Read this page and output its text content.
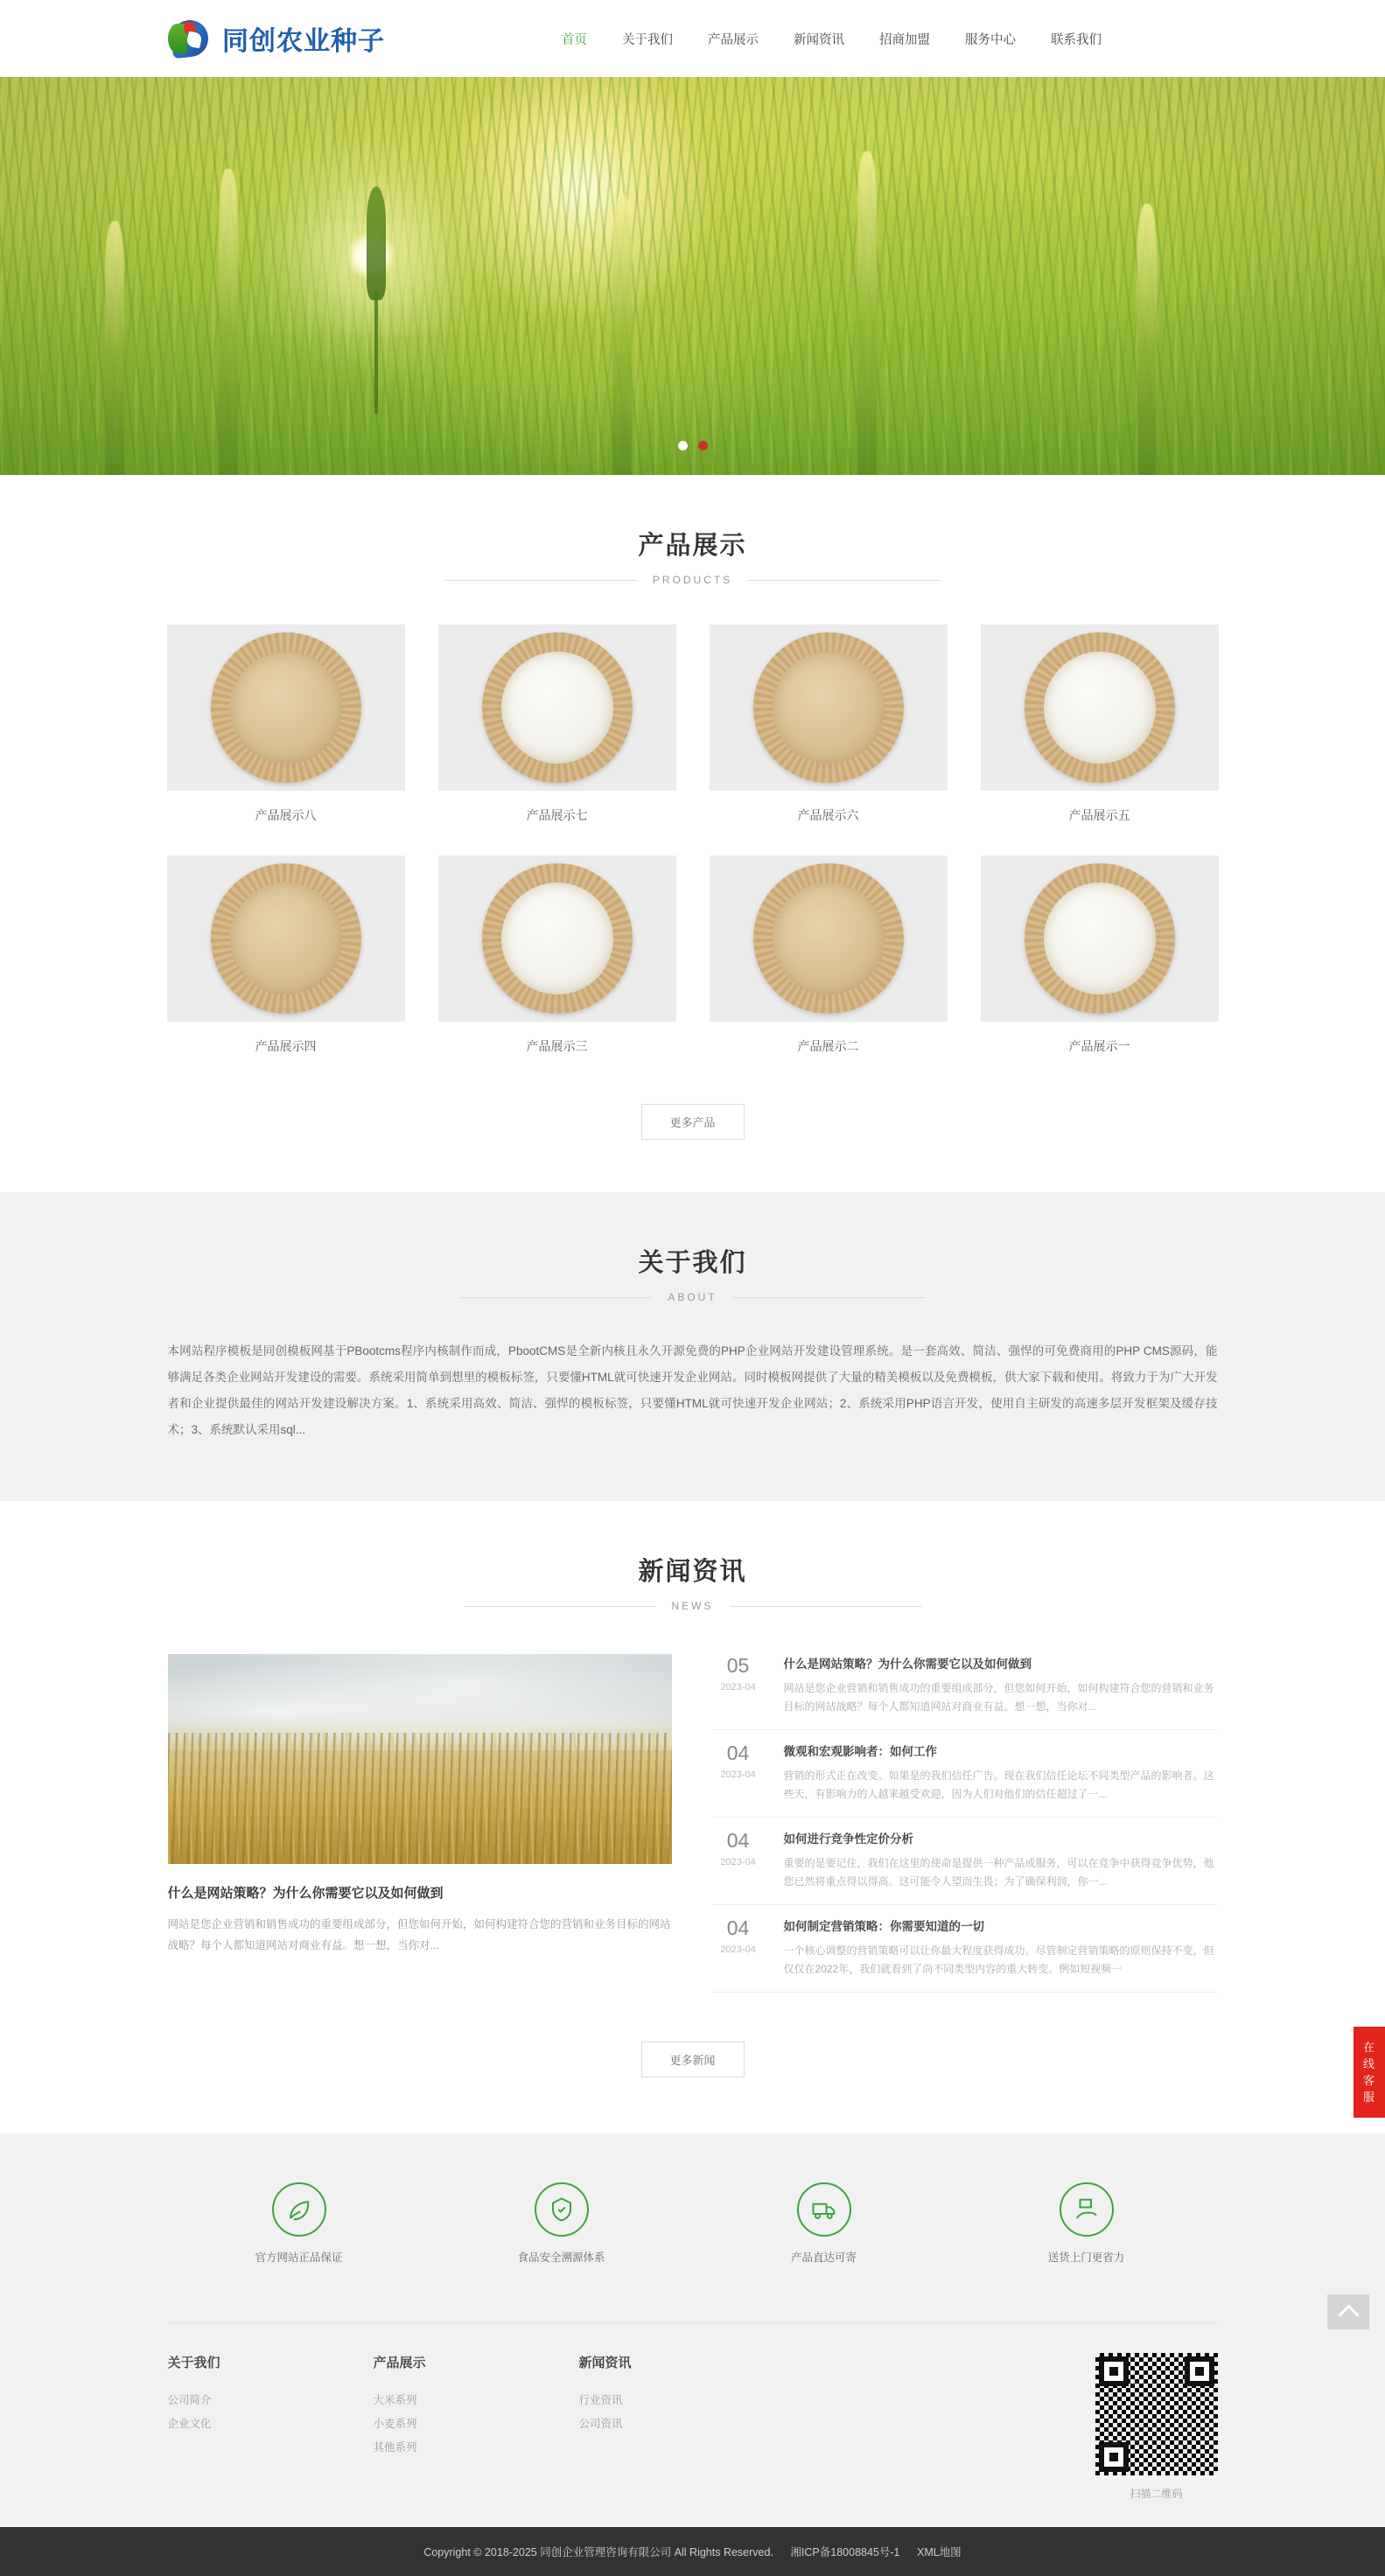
同创农业种子	首页	关于我们	产品展示	新闻资讯	招商加盟	服务中心	联系我们
产品展示
PRODUCTS
产品展示八	产品展示七	产品展示六	产品展示五
产品展示四	产品展示三	产品展示二	产品展示一
更多产品
关于我们
ABOUT
本网站程序模板是同创模板网基于PBootcms程序内核制作而成，PbootCMS是全新内核且永久开源免费的PHP企业网站开发建设管理系统。是一套高效、简洁、强悍的可免费商用的PHP CMS源码，能够满足各类企业网站开发建设的需要。系统采用简单到想里的模板标签，只要懂HTML就可快速开发企业网站。同时模板网提供了大量的精美模板以及免费模板，供大家下载和使用。将致力于为广大开发者和企业提供最佳的网站开发建设解决方案。1、系统采用高效、简洁、强悍的模板标签，只要懂HTML就可快速开发企业网站；2、系统采用PHP语言开发，使用自主研发的高速多层开发框架及缓存技术；3、系统默认采用sql...
新闻资讯
NEWS
什么是网站策略？为什么你需要它以及如何做到

网站是您企业营销和销售成功的重要组成部分，但您如何开始，如何构建符合您的营销和业务目标的网站战略？每个人都知道网站对商业有益。想一想，当你对...

05
2023-04
什么是网站策略？为什么你需要它以及如何做到

网站是您企业营销和销售成功的重要组成部分，但您如何开始，如何构建符合您的营销和业务目标的网站战略？每个人都知道网站对商业有益。想一想，当你对...

04
2023-04
微观和宏观影响者：如何工作

营销的形式正在改变。如果是的我们信任广告。现在我们信任论坛不同类型产品的影响者。这些天，有影响力的人越来越受欢迎，因为人们对他们的信任超过了一...

04
2023-04
如何进行竞争性定价分析

重要的是要记住，我们在这里的使命是提供一种产品或服务，可以在竞争中获得竞争优势，他您已然将重点得以得高。这可能令人望而生畏；为了确保利润，你一...

04
2023-04
如何制定营销策略：你需要知道的一切

一个核心调整的营销策略可以让你最大程度获得成功。尽管制定营销策略的原则保持不变，但仅仅在2022年，我们就看到了尚不同类型内容的重大转变。例如短视频一

更多新闻
官方网站正品保证	食品安全溯源体系	产品直达可寄	送货上门更省力
关于我们
公司简介
企业文化
产品展示
大米系列
小麦系列
其他系列
新闻资讯
行业资讯
公司资讯
扫描二维码
Copyright © 2018-2025 同创企业管理咨询有限公司 All Rights Reserved. 湘ICP备18008845号-1 XML地图
在线客服
